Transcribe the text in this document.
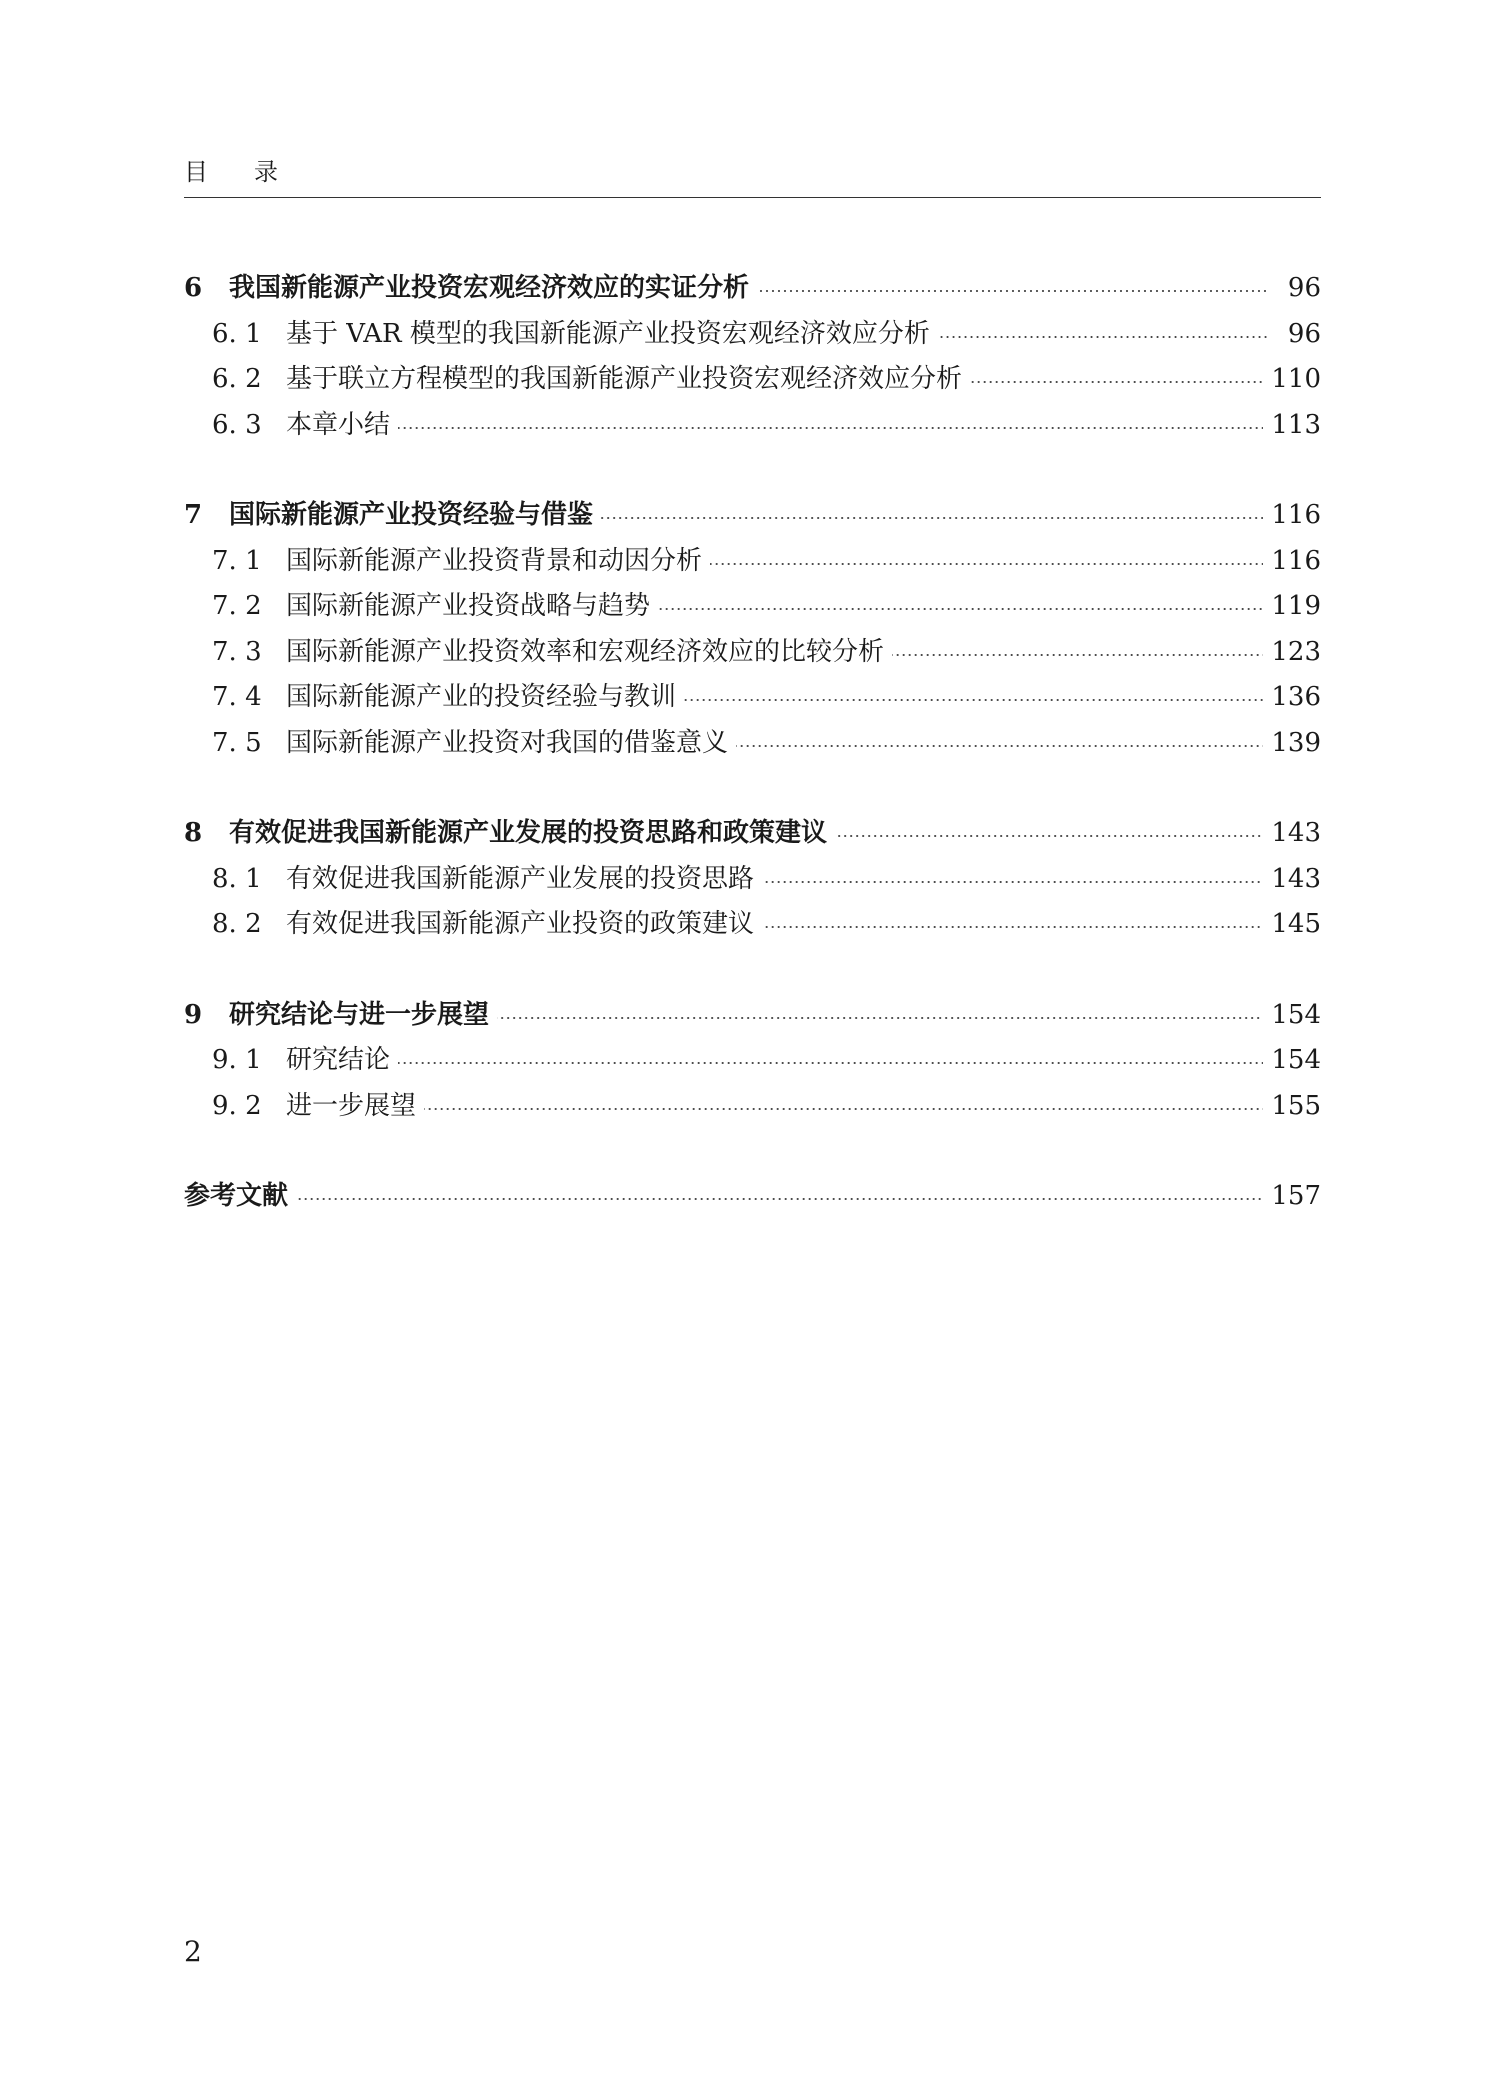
目 录
6	我国新能源产业投资宏观经济效应的实证分析	96
6. 1 基于 VAR 模型的我国新能源产业投资宏观经济效应分析	96
6. 2 基于联立方程模型的我国新能源产业投资宏观经济效应分析	110
6. 3 本章小结	113
7	国际新能源产业投资经验与借鉴	116
7. 1 国际新能源产业投资背景和动因分析	116
7. 2 国际新能源产业投资战略与趋势	119
7. 3 国际新能源产业投资效率和宏观经济效应的比较分析	123
7. 4 国际新能源产业的投资经验与教训	136
7. 5 国际新能源产业投资对我国的借鉴意义	139
8	有效促进我国新能源产业发展的投资思路和政策建议	143
8. 1 有效促进我国新能源产业发展的投资思路	143
8. 2 有效促进我国新能源产业投资的政策建议	145
9	研究结论与进一步展望	154
9. 1 研究结论	154
9. 2 进一步展望	155
参考文献	157
2
